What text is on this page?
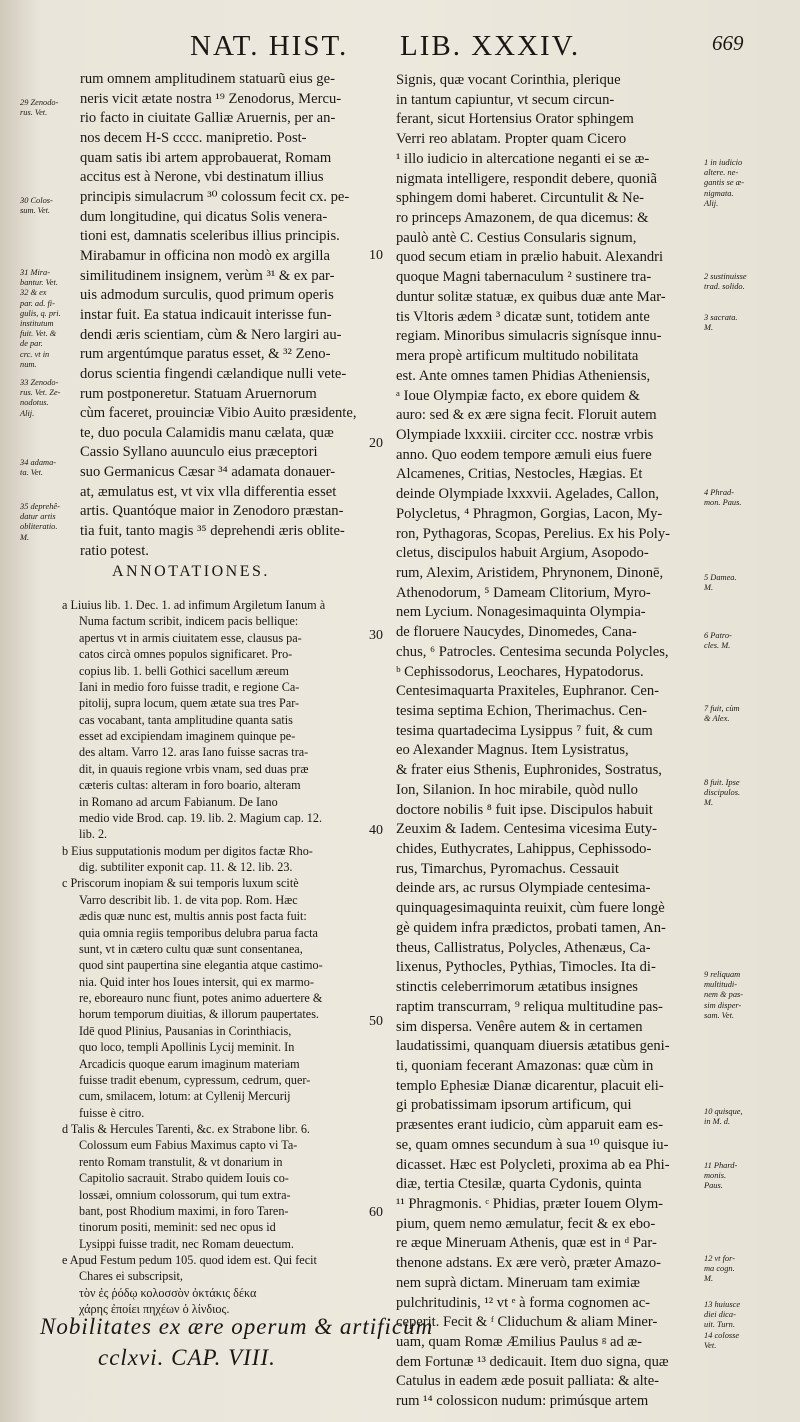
NAT. HIST. LIB. XXXIV.	669
rum omnem amplitudinem statuarũ eius ge-
neris vicit ætate nostra ¹⁹ Zenodorus, Mercu-
rio facto in ciuitate Galliæ Aruernis, per an-
nos decem H-S cccc. manipretio. Post-
quam satis ibi artem approbauerat, Romam
accitus est à Nerone, vbi destinatum illius
principis simulacrum ³⁰ colossum fecit cx. pe-
dum longitudine, qui dicatus Solis venera-
tioni est, damnatis sceleribus illius principis.
Mirabamur in officina non modò ex argilla
similitudinem insignem, verùm ³¹ & ex par-
uis admodum surculis, quod primum operis
instar fuit. Ea statua indicauit interisse fun-
dendi æris scientiam, cùm & Nero largiri au-
rum argentúmque paratus esset, & ³² Zeno-
dorus scientia fingendi cælandique nulli vete-
rum postponeretur. Statuam Aruernorum
cùm faceret, prouinciæ Vibio Auito præsidente,
te, duo pocula Calamidis manu cælata, quæ
Cassio Syllano auunculo eius præceptori
suo Germanicus Cæsar ³⁴ adamata donauer-
at, æmulatus est, vt vix vlla differentia esset
artis. Quantóque maior in Zenodoro præstan-
tia fuit, tanto magis ³⁵ deprehendi æris oblite-
ratio potest.
ANNOTATIONES.
a Liuius lib. 1. Dec. 1. ad infimum Argiletum Ianum à
Numa factum scribit, indicem pacis bellique:
apertus vt in armis ciuitatem esse, clausus pa-
catos circà omnes populos significaret. Pro-
copius lib. 1. belli Gothici sacellum æreum
Iani in medio foro fuisse tradit, e regione Ca-
pitolij, supra locum, quem ætate sua tres Par-
cas vocabant, tanta amplitudine quanta satis
esset ad excipiendam imaginem quinque pe-
des altam. Varro 12. aras Iano fuisse sacras tra-
dit, in quauis regione vrbis vnam, sed duas præ
cæteris cultas: alteram in foro boario, alteram
in Romano ad arcum Fabianum. De Iano
medio vide Brod. cap. 19. lib. 2. Magium cap. 12.
lib. 2.
b Eius supputationis modum per digitos factæ Rho-
dig. subtiliter exponit cap. 11. & 12. lib. 23.
c Priscorum inopiam & sui temporis luxum scitè
Varro describit lib. 1. de vita pop. Rom. Hæc
ædis quæ nunc est, multis annis post facta fuit:
quia omnia regiis temporibus delubra parua facta
sunt, vt in cætero cultu quæ sunt consentanea,
quod sint paupertina sine elegantia atque castimo-
nia. Quid inter hos Ioues intersit, qui ex marmo-
re, eboreauro nunc fiunt, potes animo aduertere &
horum temporum diuitias, & illorum paupertates.
Idē quod Plinius, Pausanias in Corinthiacis,
quo loco, templi Apollinis Lycij meminit. In
Arcadicis quoque earum imaginum materiam
fuisse tradit ebenum, cypressum, cedrum, quer-
cum, smilacem, lotum: at Cyllenij Mercurij
fuisse è citro.
d Talis & Hercules Tarenti, &c. ex Strabone libr. 6.
Colossum eum Fabius Maximus capto vi Ta-
rento Romam transtulit, & vt donarium in
Capitolio sacrauit. Strabo quidem Iouis co-
lossæi, omnium colossorum, qui tum extra-
bant, post Rhodium maximi, in foro Taren-
tinorum positi, meminit: sed nec opus id
Lysippi fuisse tradit, nec Romam deuectum.
e Apud Festum pedum 105. quod idem est. Qui fecit
Chares ei subscripsit,
τὸν ἐς ῥόδῳ κολοσσὸν ὀκτάκις δέκα
χάρης ἐποίει πηχέων ὁ λίνδιος.
Nobilitates ex ære operum & artificum
cclxvi. CAP. VIII.
Signis, quæ vocant Corinthia, plerique
in tantum capiuntur, vt secum circun-
ferant, sicut Hortensius Orator sphingem
Verri reo ablatam. Propter quam Cicero
¹ illo iudicio in altercatione neganti ei se æ-
nigmata intelligere, respondit debere, quoniã
sphingem domi haberet. Circuntulit & Ne-
ro princeps Amazonem, de qua dicemus: &
paulò antè C. Cestius Consularis signum,
quod secum etiam in prælio habuit. Alexandri
quoque Magni tabernaculum ² sustinere tra-
duntur solitæ statuæ, ex quibus duæ ante Mar-
tis Vltoris ædem ³ dicatæ sunt, totidem ante
regiam. Minoribus simulacris signísque innu-
mera propè artificum multitudo nobilitata
est. Ante omnes tamen Phidias Atheniensis,
ᵃ Ioue Olympiæ facto, ex ebore quidem &
auro: sed & ex ære signa fecit. Floruit autem
Olympiade lxxxiii. circiter ccc. nostræ vrbis
anno. Quo eodem tempore æmuli eius fuere
Alcamenes, Critias, Nestocles, Hægias. Et
deinde Olympiade lxxxvii. Agelades, Callon,
Polycletus, ⁴ Phragmon, Gorgias, Lacon, My-
ron, Pythagoras, Scopas, Perelius. Ex his Poly-
cletus, discipulos habuit Argium, Asopodo-
rum, Alexim, Aristidem, Phrynonem, Dinonē,
Athenodorum, ⁵ Dameam Clitorium, Myro-
nem Lycium. Nonagesimaquinta Olympia-
de floruere Naucydes, Dinomedes, Cana-
chus, ⁶ Patrocles. Centesima secunda Polycles,
ᵇ Cephissodorus, Leochares, Hypatodorus.
Centesimaquarta Praxiteles, Euphranor. Cen-
tesima septima Echion, Therimachus. Cen-
tesima quartadecima Lysippus ⁷ fuit, & cum
eo Alexander Magnus. Item Lysistratus,
& frater eius Sthenis, Euphronides, Sostratus,
Ion, Silanion. In hoc mirabile, quòd nullo
doctore nobilis ⁸ fuit ipse. Discipulos habuit
Zeuxim & Iadem. Centesima vicesima Euty-
chides, Euthycrates, Lahippus, Cephissodo-
rus, Timarchus, Pyromachus. Cessauit
deinde ars, ac rursus Olympiade centesima-
quinquagesimaquinta reuixit, cùm fuere longè
gè quidem infra prædictos, probati tamen, An-
theus, Callistratus, Polycles, Athenæus, Ca-
lixenus, Pythocles, Pythias, Timocles. Ita di-
stinctis celeberrimorum ætatibus insignes
raptim transcurram, ⁹ reliqua multitudine pas-
sim dispersa. Venêre autem & in certamen
laudatissimi, quanquam diuersis ætatibus geni-
ti, quoniam fecerant Amazonas: quæ cùm in
templo Ephesiæ Dianæ dicarentur, placuit eli-
gi probatissimam ipsorum artificum, qui
præsentes erant iudicio, cùm apparuit eam es-
se, quam omnes secundum à sua ¹⁰ quisque iu-
dicasset. Hæc est Polycleti, proxima ab ea Phi-
diæ, tertia Ctesilæ, quarta Cydonis, quinta
¹¹ Phragmonis. ᶜ Phidias, præter Iouem Olym-
pium, quem nemo æmulatur, fecit & ex ebo-
re æque Mineruam Athenis, quæ est in ᵈ Par-
thenone adstans. Ex ære verò, præter Amazo-
nem suprà dictam. Mineruam tam eximiæ
pulchritudinis, ¹² vt ᵉ à forma cognomen ac-
ceperit. Fecit & ᶠ Cliduchum & aliam Miner-
uam, quam Romæ Æmilius Paulus ᵍ ad æ-
dem Fortunæ ¹³ dedicauit. Item duo signa, quæ
Catulus in eadem æde posuit palliata: & alte-
rum ¹⁴ colossicon nudum: primúsque artem
10
20
30
40
50
60
29 Zenodo-
rus. Vet.
30 Colos-
sum. Vet.
31 Mira-
bantur. Vet.
32 & ex
par. ad. fi-
gulis, q. pri.
institutum
fuit. Vet. &
de par.
crc. vt in
num.
33 Zenodo-
rus. Vet. Ze-
nodotus.
Alij.
34 adama-
ta. Vet.
35 deprehê-
datur artis
obliteratio.
M.
1 in iudicio
altere. ne-
gantis se æ-
nigmata.
Alij.
2 sustinuisse
trad. solido.
3 sacrata.
M.
4 Phrad-
mon. Paus.
5 Damea.
M.
6 Patro-
cles. M.
7 fuit, cùm
& Alex.
8 fuit. Ipse
discipulos.
M.
9 reliquam
multitudi-
nem & pas-
sim disper-
sam. Vet.
10 quisque,
in M. d.
11 Phard-
monis.
Paus.
12 vt for-
ma cogn.
M.
13 huiusce
diei dica-
uit. Turn.
14 colosse
Vet.
